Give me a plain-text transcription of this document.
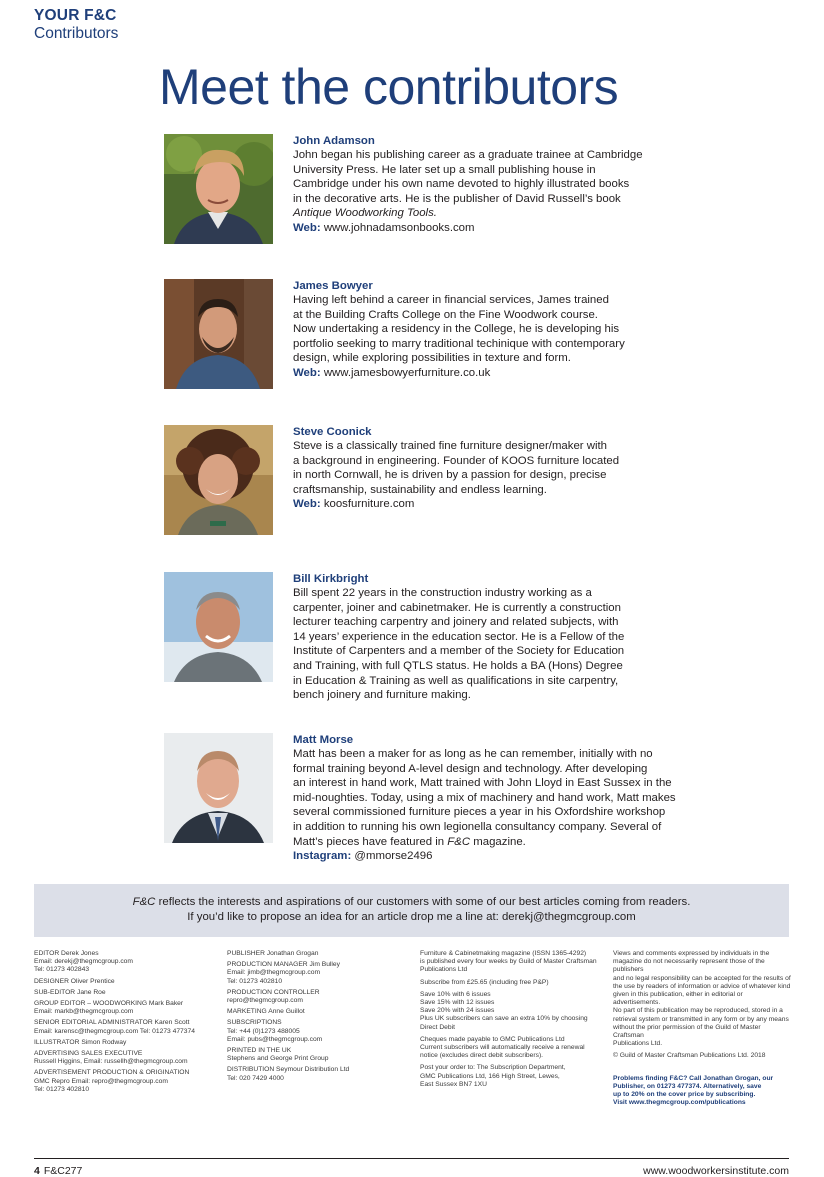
YOUR F&C
Contributors
Meet the contributors
John Adamson
John began his publishing career as a graduate trainee at Cambridge
University Press. He later set up a small publishing house in
Cambridge under his own name devoted to highly illustrated books
in the decorative arts. He is the publisher of David Russell’s book
Antique Woodworking Tools.
Web: www.johnadamsonbooks.com
James Bowyer
Having left behind a career in financial services, James trained
at the Building Crafts College on the Fine Woodwork course.
Now undertaking a residency in the College, he is developing his
portfolio seeking to marry traditional techinique with contemporary
design, while exploring possibilities in texture and form.
Web: www.jamesbowyerfurniture.co.uk
Steve Coonick
Steve is a classically trained fine furniture designer/maker with
a background in engineering. Founder of KOOS furniture located
in north Cornwall, he is driven by a passion for design, precise
craftsmanship, sustainability and endless learning.
Web: koosfurniture.com
Bill Kirkbright
Bill spent 22 years in the construction industry working as a
carpenter, joiner and cabinetmaker. He is currently a construction
lecturer teaching carpentry and joinery and related subjects, with
14 years’ experience in the education sector. He is a Fellow of the
Institute of Carpenters and a member of the Society for Education
and Training, with full QTLS status. He holds a BA (Hons) Degree
in Education & Training as well as qualifications in site carpentry,
bench joinery and furniture making.
Matt Morse
Matt has been a maker for as long as he can remember, initially with no
formal training beyond A-level design and technology. After developing
an interest in hand work, Matt trained with John Lloyd in East Sussex in the
mid-noughties. Today, using a mix of machinery and hand work, Matt makes
several commissioned furniture pieces a year in his Oxfordshire workshop
in addition to running his own legionella consultancy company. Several of
Matt’s pieces have featured in F&C magazine.
Instagram: @mmorse2496

F&C reflects the interests and aspirations of our customers with some of our best articles coming from readers.

If you’d like to propose an idea for an article drop me a line at: derekj@thegmcgroup.com

EDITOR Derek Jones
Email: derekj@thegmcgroup.com
Tel: 01273 402843
DESIGNER Oliver Prentice
SUB-EDITOR Jane Roe
GROUP EDITOR – WOODWORKING Mark Baker
Email: markb@thegmcgroup.com
SENIOR EDITORIAL ADMINISTRATOR Karen Scott
Email: karensc@thegmcgroup.com Tel: 01273 477374
ILLUSTRATOR Simon Rodway
ADVERTISING SALES EXECUTIVE
Russell Higgins, Email: russellh@thegmcgroup.com
ADVERTISEMENT PRODUCTION & ORIGINATION
GMC Repro Email: repro@thegmcgroup.com
Tel: 01273 402810
PUBLISHER Jonathan Grogan
PRODUCTION MANAGER Jim Bulley
Email: jimb@thegmcgroup.com
Tel: 01273 402810
PRODUCTION CONTROLLER
repro@thegmcgroup.com
MARKETING Anne Guillot
SUBSCRIPTIONS
Tel: +44 (0)1273 488005
Email: pubs@thegmcgroup.com
PRINTED IN THE UK
Stephens and George Print Group
DISTRIBUTION Seymour Distribution Ltd
Tel: 020 7429 4000
Furniture & Cabinetmaking magazine (ISSN 1365-4292)
is published every four weeks by Guild of Master Craftsman
Publications Ltd
Subscribe from £25.65 (including free P&P)
Save 10% with 6 issues
Save 15% with 12 issues
Save 20% with 24 issues
Plus UK subscribers can save an extra 10% by choosing
Direct Debit
Cheques made payable to GMC Publications Ltd
Current subscribers will automatically receive a renewal
notice (excludes direct debit subscribers).
Post your order to: The Subscription Department,
GMC Publications Ltd, 166 High Street, Lewes,
East Sussex BN7 1XU
Views and comments expressed by individuals in the
magazine do not necessarily represent those of the publishers
and no legal responsibility can be accepted for the results of
the use by readers of information or advice of whatever kind
given in this publication, either in editorial or advertisements.
No part of this publication may be reproduced, stored in a
retrieval system or transmitted in any form or by any means
without the prior permission of the Guild of Master Craftsman
Publications Ltd.
© Guild of Master Craftsman Publications Ltd. 2018
Problems finding F&C? Call Jonathan Grogan, our
Publisher, on 01273 477374. Alternatively, save
up to 20% on the cover price by subscribing.
Visit www.thegmcgroup.com/publications
4 F&C277	www.woodworkersinstitute.com
